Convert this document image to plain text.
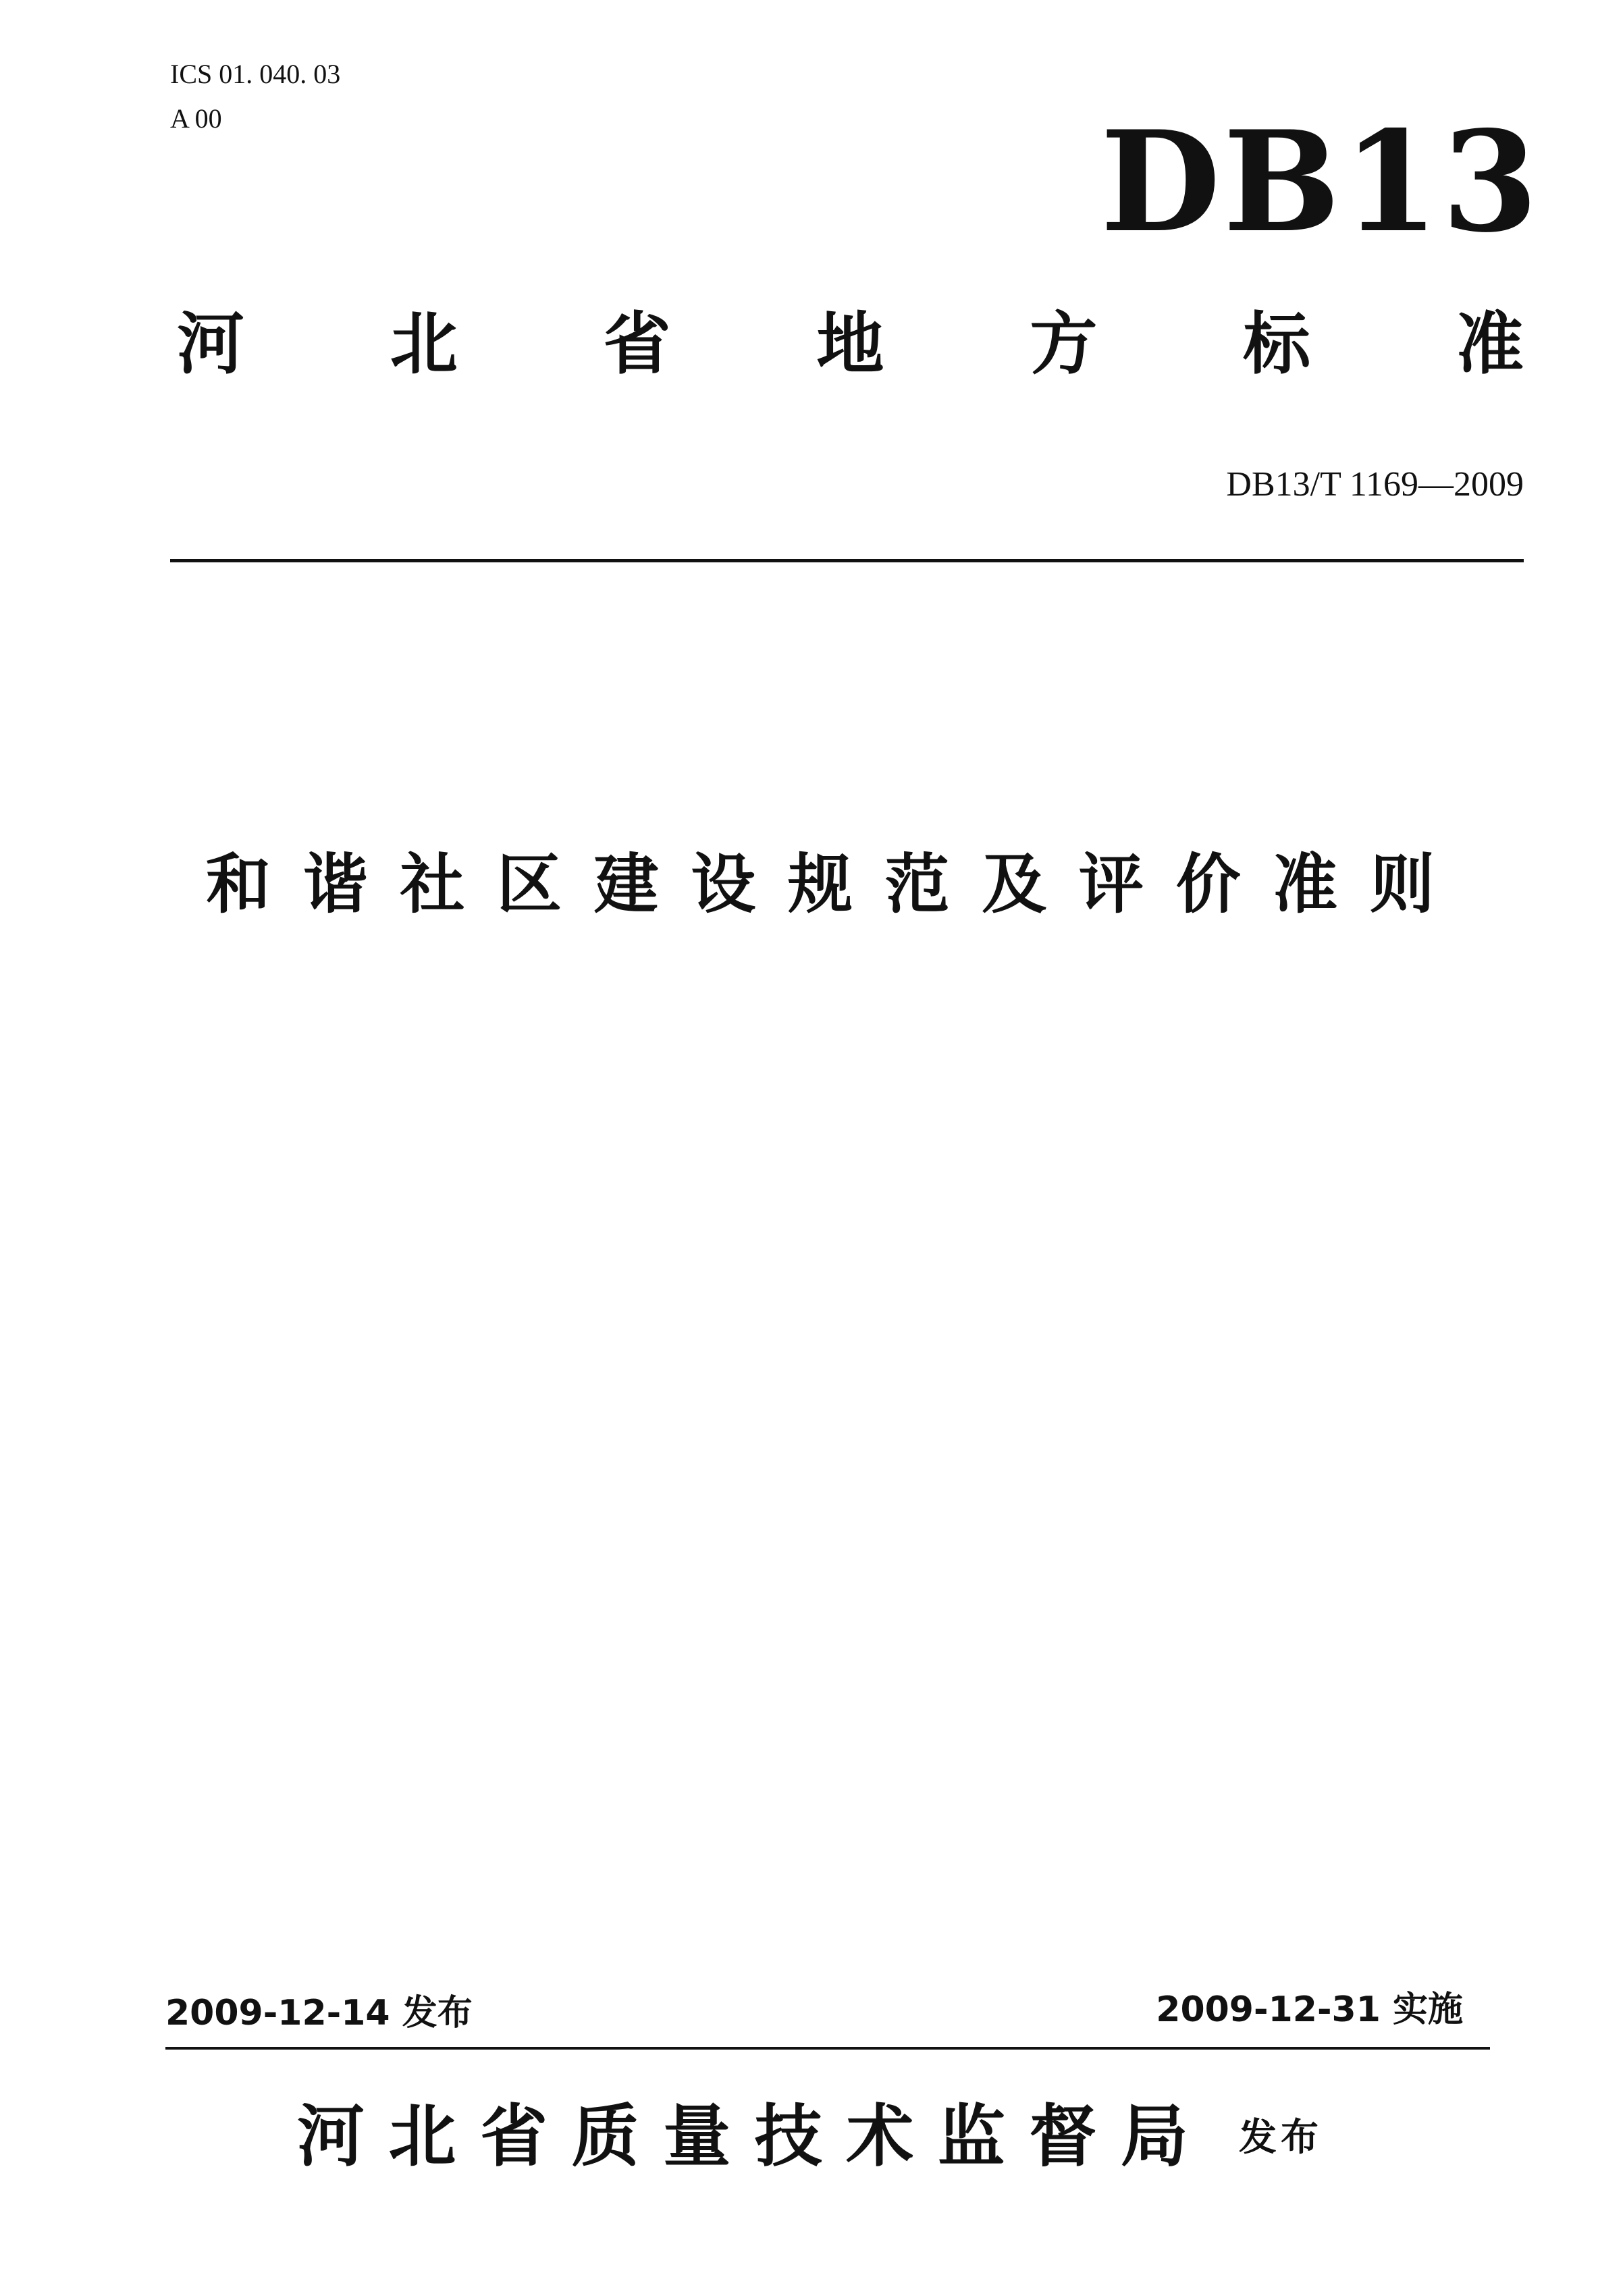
ICS 01. 040. 03
A 00	DB13
河 北 省 地 方 标 准
DB13/T 1169—2009
和 谐 社 区 建 设 规 范 及 评 价 准 则
2009-12-14 发布	2009-12-31 实施
河 北 省 质 量 技 术 监 督 局 发布
